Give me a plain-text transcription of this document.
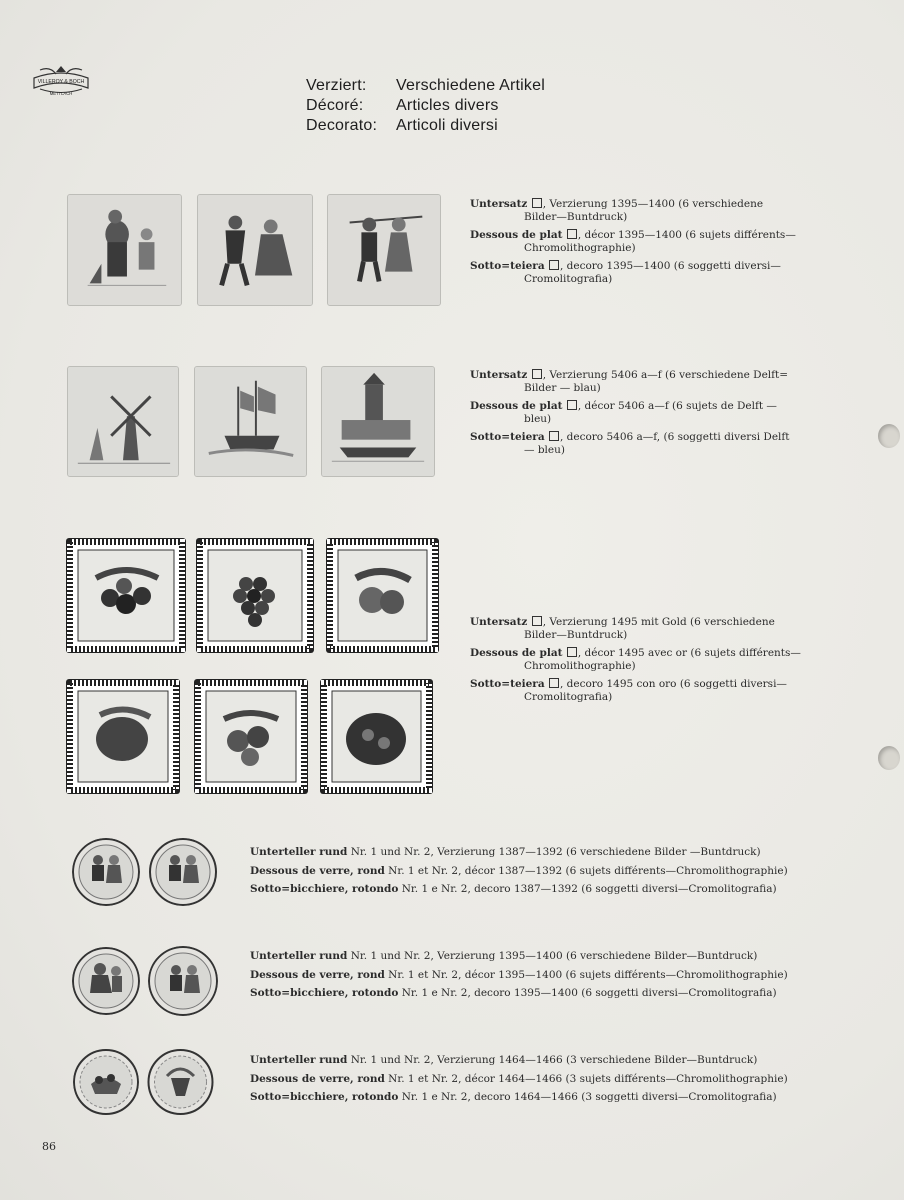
VILLEROY & BOCH
METTLACH	Verziert:	Verschiedene Artikel
Décoré:	Articles divers
Decorato:	Articoli diversi

Untersatz , Verzierung 1395—1400 (6 verschiedene
Bilder—Buntdruck)

Dessous de plat , décor 1395—1400 (6 sujets différents—
Chromolithographie)

Sotto=teiera , decoro 1395—1400 (6 soggetti diversi—
Cromolitografia)

Untersatz , Verzierung 5406 a—f (6 verschiedene Delft=
Bilder — blau)

Dessous de plat , décor 5406 a—f (6 sujets de Delft —
bleu)

Sotto=teiera , decoro 5406 a—f, (6 soggetti diversi Delft
— bleu)

Untersatz , Verzierung 1495 mit Gold (6 verschiedene
Bilder—Buntdruck)

Dessous de plat , décor 1495 avec or (6 sujets différents—
Chromolithographie)

Sotto=teiera , decoro 1495 con oro (6 soggetti diversi—
Cromolitografia)

Unterteller rund Nr. 1 und Nr. 2, Verzierung 1387—1392 (6 verschiedene Bilder —Buntdruck)
Dessous de verre, rond Nr. 1 et Nr. 2, décor 1387—1392 (6 sujets différents—Chromolithographie)
Sotto=bicchiere, rotondo Nr. 1 e Nr. 2, decoro 1387—1392 (6 soggetti diversi—Cromolitografia)
Unterteller rund Nr. 1 und Nr. 2, Verzierung 1395—1400 (6 verschiedene Bilder—Buntdruck)
Dessous de verre, rond Nr. 1 et Nr. 2, décor 1395—1400 (6 sujets différents—Chromolithographie)
Sotto=bicchiere, rotondo Nr. 1 e Nr. 2, decoro 1395—1400 (6 soggetti diversi—Cromolitografia)
Unterteller rund Nr. 1 und Nr. 2, Verzierung 1464—1466 (3 verschiedene Bilder—Buntdruck)
Dessous de verre, rond Nr. 1 et Nr. 2, décor 1464—1466 (3 sujets différents—Chromolithographie)
Sotto=bicchiere, rotondo Nr. 1 e Nr. 2, decoro 1464—1466 (3 soggetti diversi—Cromolitografia)
86
